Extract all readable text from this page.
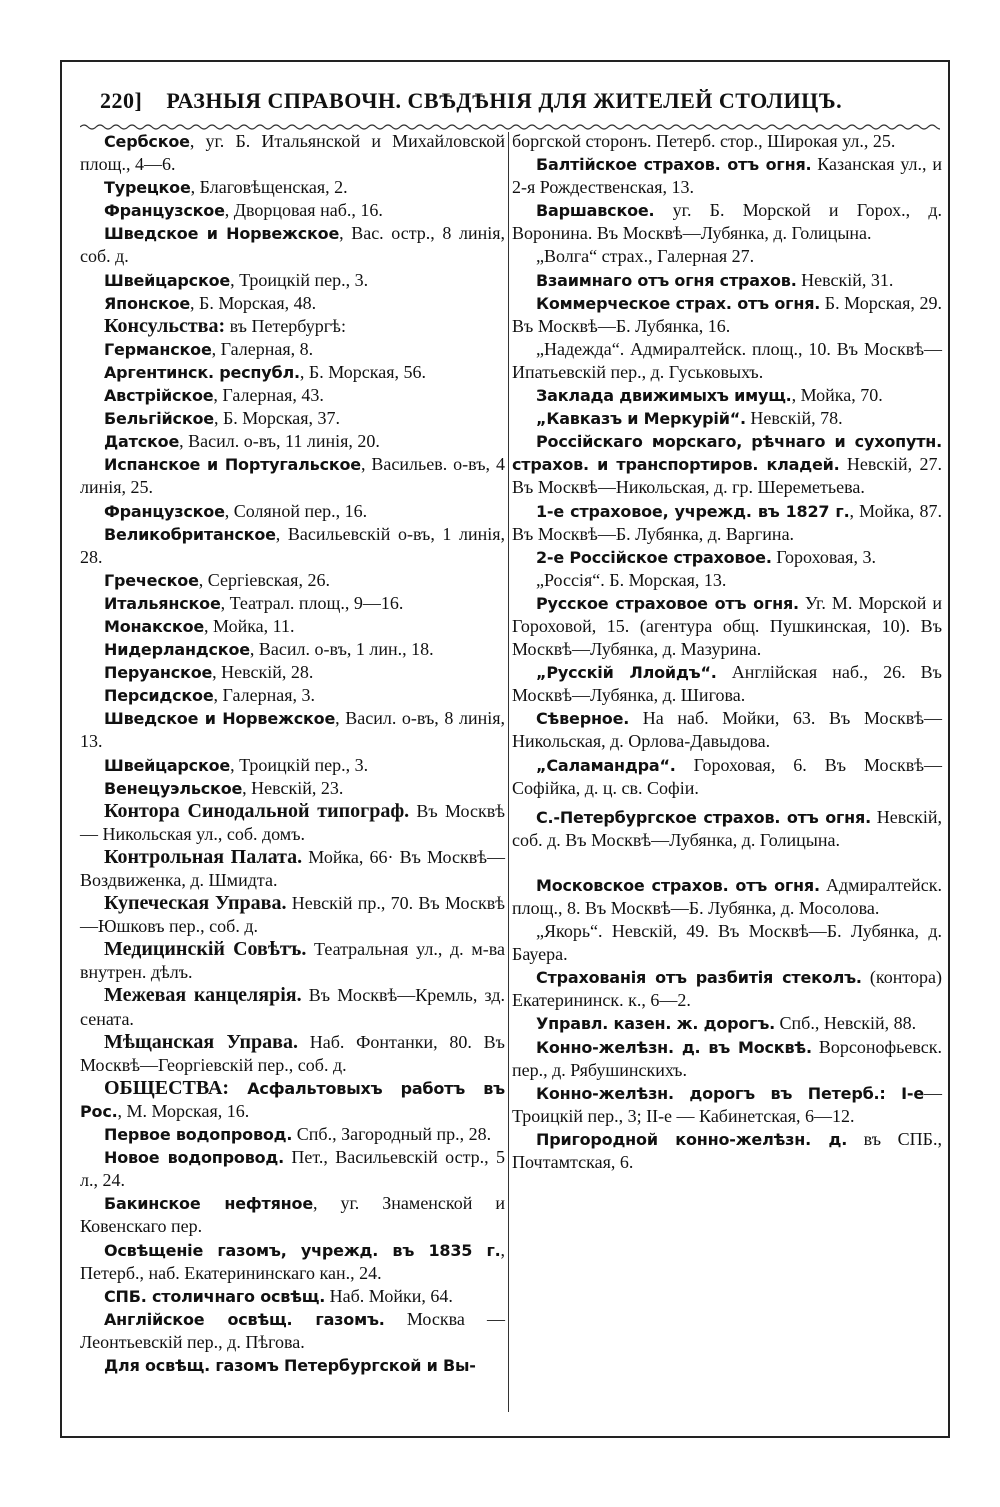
220] РАЗНЫЯ СПРАВОЧН. СВѢДѢНІЯ ДЛЯ ЖИТЕЛЕЙ СТОЛИЦЪ.

Сербское, уг. Б. Итальянской и Михайловской площ., 4—6.

Турецкое, Благовѣщенская, 2.

Французское, Дворцовая наб., 16.

Шведское и Норвежское, Вас. остр., 8 линія, соб. д.

Швейцарское, Троицкій пер., 3.

Японское, Б. Морская, 48.

Консульства: въ Петербургѣ:

Германское, Галерная, 8.

Аргентинск. республ., Б. Морская, 56.

Австрійское, Галерная, 43.

Бельгійское, Б. Морская, 37.

Датское, Васил. о-въ, 11 линія, 20.

Испанское и Португальское, Васильев. о-въ, 4 линія, 25.

Французское, Соляной пер., 16.

Великобританское, Васильевскій о-въ, 1 линія, 28.

Греческое, Сергіевская, 26.

Итальянское, Театрал. площ., 9—16.

Монакское, Мойка, 11.

Нидерландское, Васил. о-въ, 1 лин., 18.

Перуанское, Невскій, 28.

Персидское, Галерная, 3.

Шведское и Норвежское, Васил. о-въ, 8 линія, 13.

Швейцарское, Троицкій пер., 3.

Венецуэльское, Невскій, 23.

Контора Синодальной типограф. Въ Москвѣ — Никольская ул., соб. домъ.

Контрольная Палата. Мойка, 66· Въ Москвѣ—Воздвиженка, д. Шмидта.

Купеческая Управа. Невскій пр., 70. Въ Москвѣ—Юшковъ пер., соб. д.

Медицинскій Совѣтъ. Театральная ул., д. м-ва внутрен. дѣлъ.

Межевая канцелярія. Въ Москвѣ—Кремль, зд. сената.

Мѣщанская Управа. Наб. Фонтанки, 80. Въ Москвѣ—Георгіевскій пер., соб. д.

ОБЩЕСТВА: Асфальтовыхъ работъ въ Рос., М. Морская, 16.

Первое водопровод. Спб., Загородный пр., 28.

Новое водопровод. Пет., Васильевскій остр., 5 л., 24.

Бакинское нефтяное, уг. Знаменской и Ковенскаго пер.

Освѣщеніе газомъ, учрежд. въ 1835 г., Петерб., наб. Екатерининскаго кан., 24.

СПБ. столичнаго освѣщ. Наб. Мойки, 64.

Англійское освѣщ. газомъ. Москва — Леонтьевскій пер., д. Пѣгова.

Для освѣщ. газомъ Петербургской и Вы-

боргской сторонъ. Петерб. стор., Широкая ул., 25.

Балтійское страхов. отъ огня. Казанская ул., и 2-я Рождественская, 13.

Варшавское. уг. Б. Морской и Горох., д. Воронина. Въ Москвѣ—Лубянка, д. Голицына.

„Волга“ страх., Галерная 27.

Взаимнаго отъ огня страхов. Невскій, 31.

Коммерческое страх. отъ огня. Б. Морская, 29. Въ Москвѣ—Б. Лубянка, 16.

„Надежда“. Адмиралтейск. площ., 10. Въ Москвѣ—Ипатьевскій пер., д. Гуськовыхъ.

Заклада движимыхъ имущ., Мойка, 70.

„Кавказъ и Меркурій“. Невскій, 78.

Россійскаго морскаго, рѣчнаго и сухопутн. страхов. и транспортиров. кладей. Невскій, 27. Въ Москвѣ—Никольская, д. гр. Шереметьева.

1-е страховое, учрежд. въ 1827 г., Мойка, 87. Въ Москвѣ—Б. Лубянка, д. Варгина.

2-е Россійское страховое. Гороховая, 3.

„Россія“. Б. Морская, 13.

Русское страховое отъ огня. Уг. М. Морской и Гороховой, 15. (агентура общ. Пушкинская, 10). Въ Москвѣ—Лубянка, д. Мазурина.

„Русскій Ллойдъ“. Англійская наб., 26. Въ Москвѣ—Лубянка, д. Шигова.

Сѣверное. На наб. Мойки, 63. Въ Москвѣ—Никольская, д. Орлова-Давыдова.

„Саламандра“. Гороховая, 6. Въ Москвѣ—Софійка, д. ц. св. Софіи.

С.-Петербургское страхов. отъ огня. Невскій, соб. д. Въ Москвѣ—Лубянка, д. Голицына.

Московское страхов. отъ огня. Адмиралтейск. площ., 8. Въ Москвѣ—Б. Лубянка, д. Мосолова.

„Якорь“. Невскій, 49. Въ Москвѣ—Б. Лубянка, д. Бауера.

Страхованія отъ разбитія стеколъ. (контора) Екатерининск. к., 6—2.

Управл. казен. ж. дорогъ. Спб., Невскій, 88.

Конно-желѣзн. д. въ Москвѣ. Ворсонофьевск. пер., д. Рябушинскихъ.

Конно-желѣзн. дорогъ въ Петерб.: I-е—Троицкій пер., 3; II-е — Кабинетская, 6—12.

Пригородной конно-желѣзн. д. въ СПБ., Почтамтская, 6.
